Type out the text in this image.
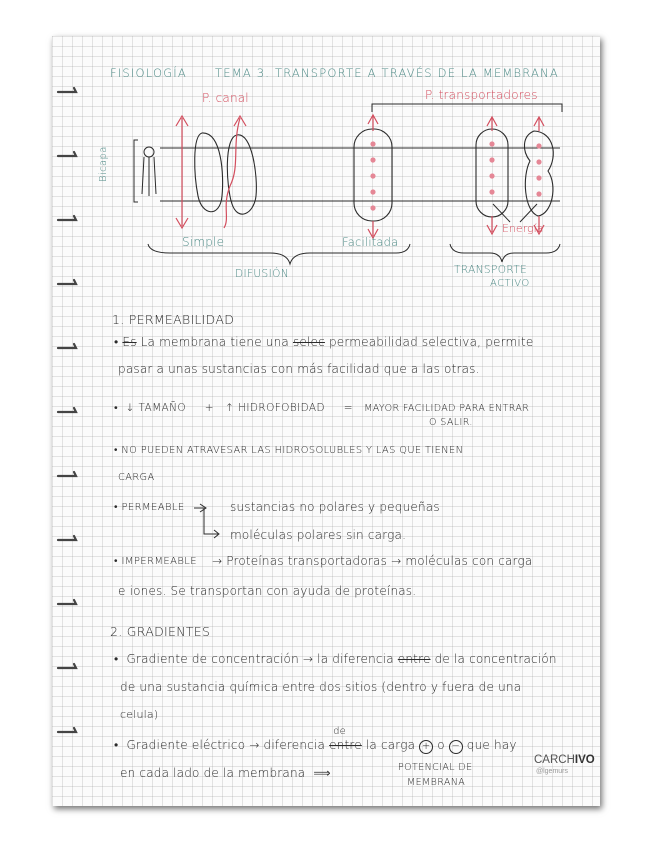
FISIOLOGÍA TEMA 3. TRANSPORTE A TRAVÉS DE LA MEMBRANA
P. canal	P. transportadores
Bicapa
Energía
Simple	Facilitada
DIFUSIÓN	TRANSPORTE
ACTIVO
1. PERMEABILIDAD
• Es La membrana tiene una selec permeabilidad selectiva, permite
pasar a unas sustancias con más facilidad que a las otras.
•  ↓ TAMAÑO + ↑ HIDROFOBIDAD = MAYOR FACILIDAD PARA ENTRAR
O SALIR.
• NO PUEDEN ATRAVESAR LAS HIDROSOLUBLES Y LAS QUE TIENEN
CARGA
• PERMEABLE	sustancias no polares y pequeñas
moléculas polares sin carga.
• IMPERMEABLE → Proteínas transportadoras → moléculas con carga
e iones. Se transportan con ayuda de proteínas.
2. GRADIENTES
•  Gradiente de concentración → la diferencia entre de la concentración
de una sustancia química entre dos sitios (dentro y fuera de una
celula)
•  Gradiente eléctrico → diferencia entre
de
la carga + o − que hay
en cada lado de la membrana ⟹	POTENCIAL DE
MEMBRANA
CARCHIVO
@lgemurs
